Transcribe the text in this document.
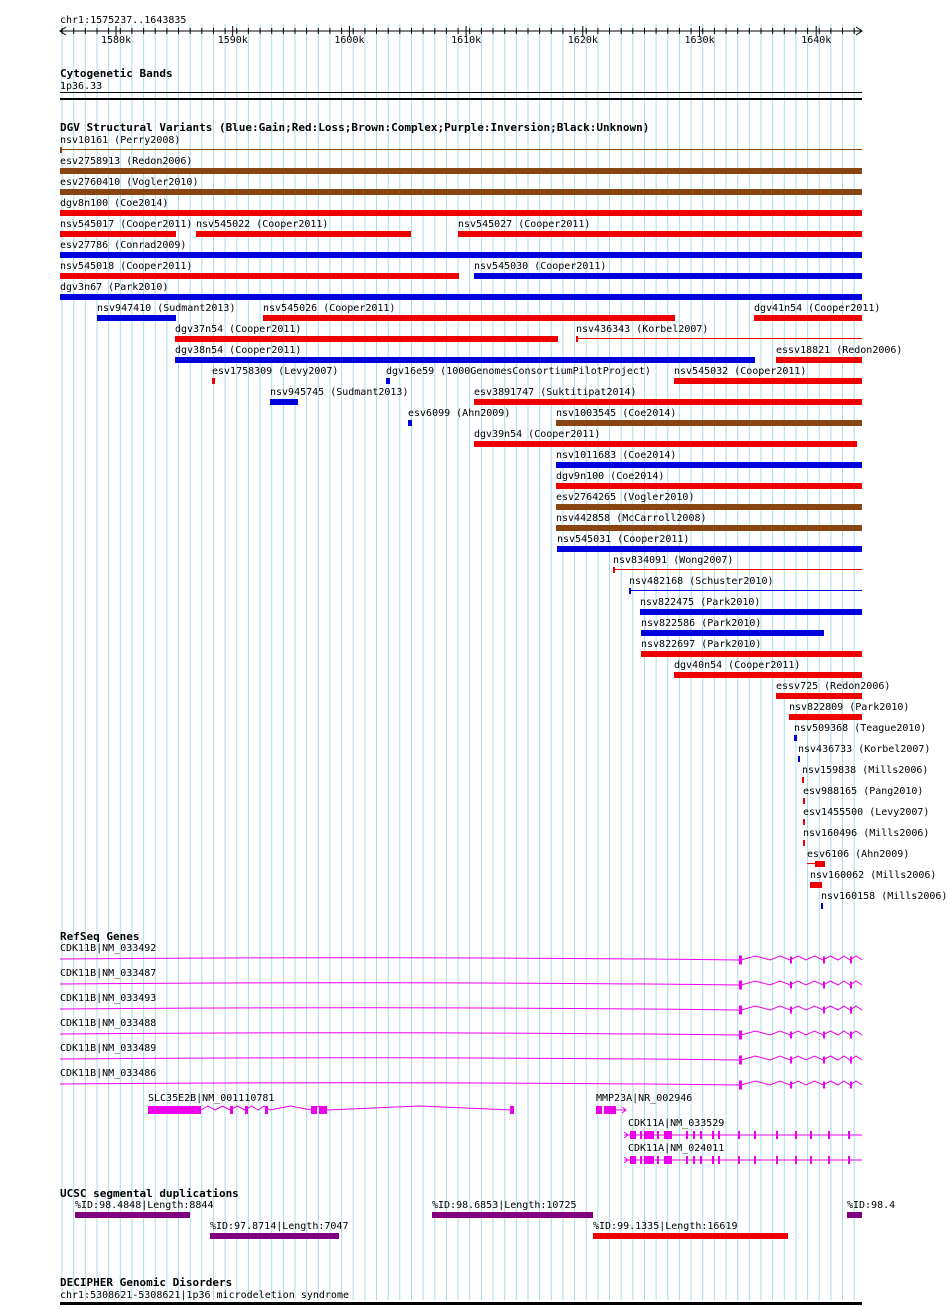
chr1:1575237..1643835
1580k	1590k	1600k	1610k	1620k	1630k	1640k
Cytogenetic Bands
1p36.33
DGV Structural Variants (Blue:Gain;Red:Loss;Brown:Complex;Purple:Inversion;Black:Unknown)
nsv10161 (Perry2008)
esv2758913 (Redon2006)
esv2760410 (Vogler2010)
dgv8n100 (Coe2014)
nsv545017 (Cooper2011) nsv545022 (Cooper2011)	nsv545027 (Cooper2011)
esv27786 (Conrad2009)
nsv545018 (Cooper2011)	nsv545030 (Cooper2011)
dgv3n67 (Park2010)
nsv947410 (Sudmant2013)	nsv545026 (Cooper2011)	dgv41n54 (Cooper2011)
dgv37n54 (Cooper2011)	nsv436343 (Korbel2007)
dgv38n54 (Cooper2011)	essv18821 (Redon2006)
esv1758309 (Levy2007)	dgv16e59 (1000GenomesConsortiumPilotProject) nsv545032 (Cooper2011)
nsv945745 (Sudmant2013)	esv3891747 (Suktitipat2014)
esv6099 (Ahn2009)	nsv1003545 (Coe2014)
dgv39n54 (Cooper2011)
nsv1011683 (Coe2014)
dgv9n100 (Coe2014)
esv2764265 (Vogler2010)
nsv442858 (McCarroll2008)
nsv545031 (Cooper2011)
nsv834091 (Wong2007)
nsv482168 (Schuster2010)
nsv822475 (Park2010)
nsv822586 (Park2010)
nsv822697 (Park2010)
dgv40n54 (Cooper2011)
essv725 (Redon2006)
nsv822809 (Park2010)
nsv509368 (Teague2010)
nsv436733 (Korbel2007)
nsv159838 (Mills2006)
esv988165 (Pang2010)
esv1455500 (Levy2007)
nsv160496 (Mills2006)
esv6106 (Ahn2009)
nsv160062 (Mills2006)
nsv160158 (Mills2006)
RefSeq Genes
CDK11B|NM_033492
CDK11B|NM_033487
CDK11B|NM_033493
CDK11B|NM_033488
CDK11B|NM_033489
CDK11B|NM_033486
SLC35E2B|NM_001110781	MMP23A|NR_002946
CDK11A|NM_033529
CDK11A|NM_024011
UCSC segmental duplications
%ID:98.4848|Length:8844	%ID:98.6853|Length:10725	%ID:98.4
%ID:97.8714|Length:7047	%ID:99.1335|Length:16619
DECIPHER Genomic Disorders
chr1:5308621-5308621|1p36 microdeletion syndrome
